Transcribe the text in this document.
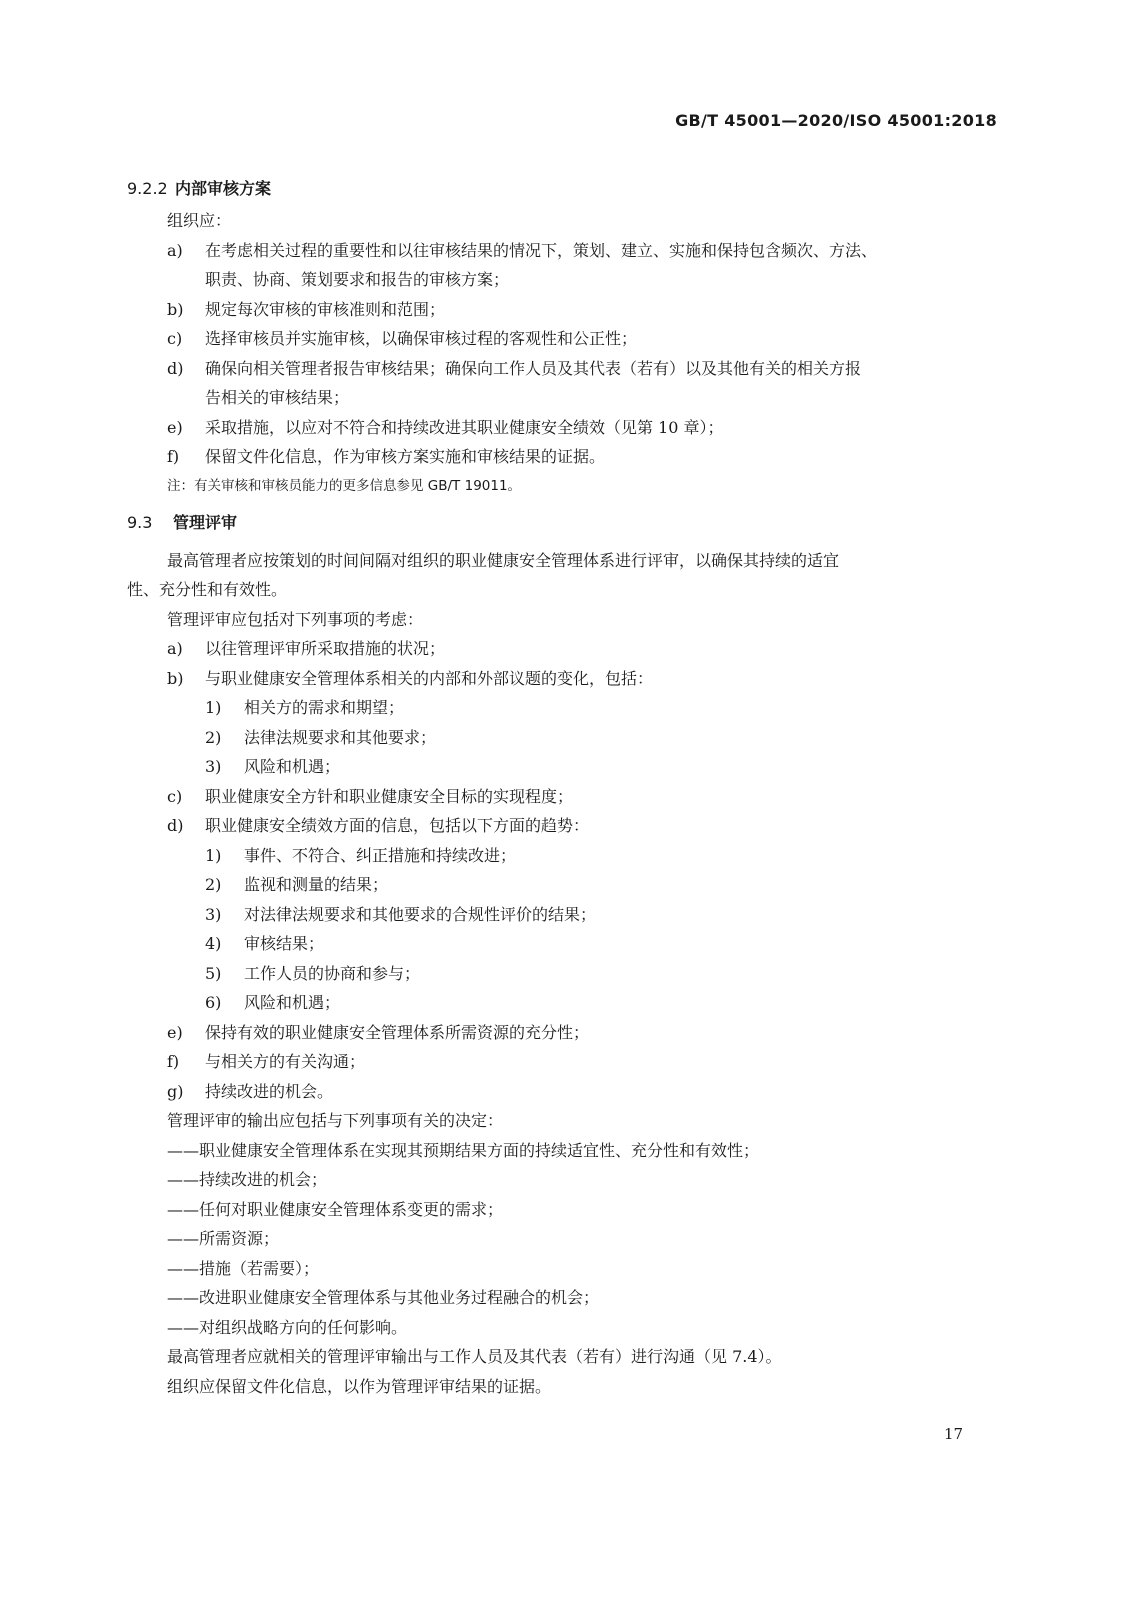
GB/T 45001—2020/ISO 45001:2018
9.2.2 内部审核方案
组织应：
a) 在考虑相关过程的重要性和以往审核结果的情况下，策划、建立、实施和保持包含频次、方法、
职责、协商、策划要求和报告的审核方案；
b) 规定每次审核的审核准则和范围；
c) 选择审核员并实施审核，以确保审核过程的客观性和公正性；
d) 确保向相关管理者报告审核结果；确保向工作人员及其代表（若有）以及其他有关的相关方报
告相关的审核结果；
e) 采取措施，以应对不符合和持续改进其职业健康安全绩效（见第 10 章）；
f) 保留文件化信息，作为审核方案实施和审核结果的证据。
注：有关审核和审核员能力的更多信息参见 GB/T 19011。
9.3 管理评审
最高管理者应按策划的时间间隔对组织的职业健康安全管理体系进行评审，以确保其持续的适宜
性、充分性和有效性。
管理评审应包括对下列事项的考虑：
a) 以往管理评审所采取措施的状况；
b) 与职业健康安全管理体系相关的内部和外部议题的变化，包括：
1) 相关方的需求和期望；
2) 法律法规要求和其他要求；
3) 风险和机遇；
c) 职业健康安全方针和职业健康安全目标的实现程度；
d) 职业健康安全绩效方面的信息，包括以下方面的趋势：
1) 事件、不符合、纠正措施和持续改进；
2) 监视和测量的结果；
3) 对法律法规要求和其他要求的合规性评价的结果；
4) 审核结果；
5) 工作人员的协商和参与；
6) 风险和机遇；
e) 保持有效的职业健康安全管理体系所需资源的充分性；
f) 与相关方的有关沟通；
g) 持续改进的机会。
管理评审的输出应包括与下列事项有关的决定：
——职业健康安全管理体系在实现其预期结果方面的持续适宜性、充分性和有效性；
——持续改进的机会；
——任何对职业健康安全管理体系变更的需求；
——所需资源；
——措施（若需要）；
——改进职业健康安全管理体系与其他业务过程融合的机会；
——对组织战略方向的任何影响。
最高管理者应就相关的管理评审输出与工作人员及其代表（若有）进行沟通（见 7.4）。
组织应保留文件化信息，以作为管理评审结果的证据。
17
